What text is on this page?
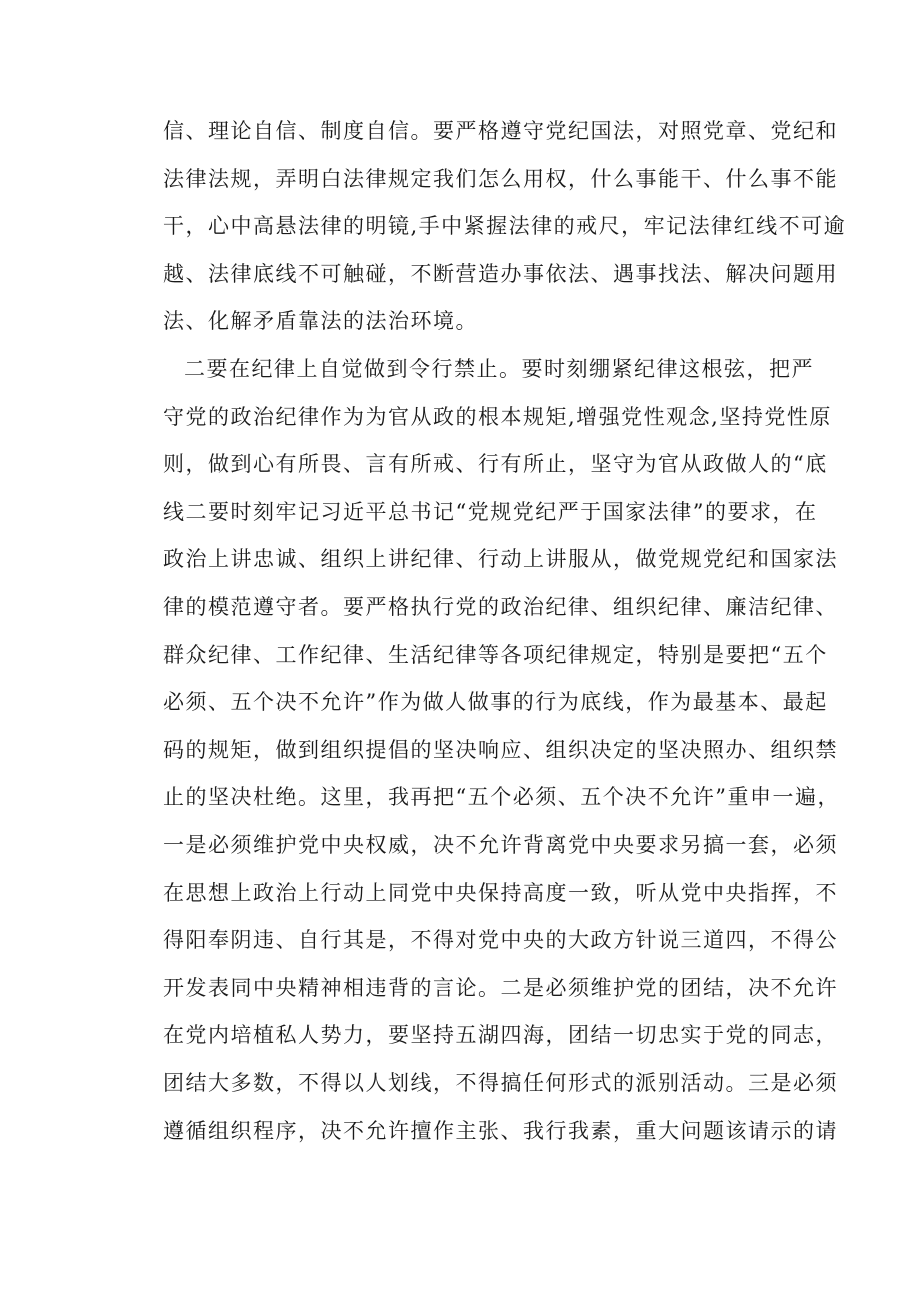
信、理论自信、制度自信。要严格遵守党纪国法，对照党章、党纪和
法律法规，弄明白法律规定我们怎么用权，什么事能干、什么事不能
干，心中高悬法律的明镜,手中紧握法律的戒尺，牢记法律红线不可逾
越、法律底线不可触碰，不断营造办事依法、遇事找法、解决问题用
法、化解矛盾靠法的法治环境。
二要在纪律上自觉做到令行禁止。要时刻绷紧纪律这根弦，把严
守党的政治纪律作为为官从政的根本规矩,增强党性观念,坚持党性原
则，做到心有所畏、言有所戒、行有所止，坚守为官从政做人的“底
线二要时刻牢记习近平总书记“党规党纪严于国家法律”的要求，在
政治上讲忠诚、组织上讲纪律、行动上讲服从，做党规党纪和国家法
律的模范遵守者。要严格执行党的政治纪律、组织纪律、廉洁纪律、
群众纪律、工作纪律、生活纪律等各项纪律规定，特别是要把“五个
必须、五个决不允许”作为做人做事的行为底线，作为最基本、最起
码的规矩，做到组织提倡的坚决响应、组织决定的坚决照办、组织禁
止的坚决杜绝。这里，我再把“五个必须、五个决不允许”重申一遍，
一是必须维护党中央权威，决不允许背离党中央要求另搞一套，必须
在思想上政治上行动上同党中央保持高度一致，听从党中央指挥，不
得阳奉阴违、自行其是，不得对党中央的大政方针说三道四，不得公
开发表同中央精神相违背的言论。二是必须维护党的团结，决不允许
在党内培植私人势力，要坚持五湖四海，团结一切忠实于党的同志，
团结大多数，不得以人划线，不得搞任何形式的派别活动。三是必须
遵循组织程序，决不允许擅作主张、我行我素，重大问题该请示的请
